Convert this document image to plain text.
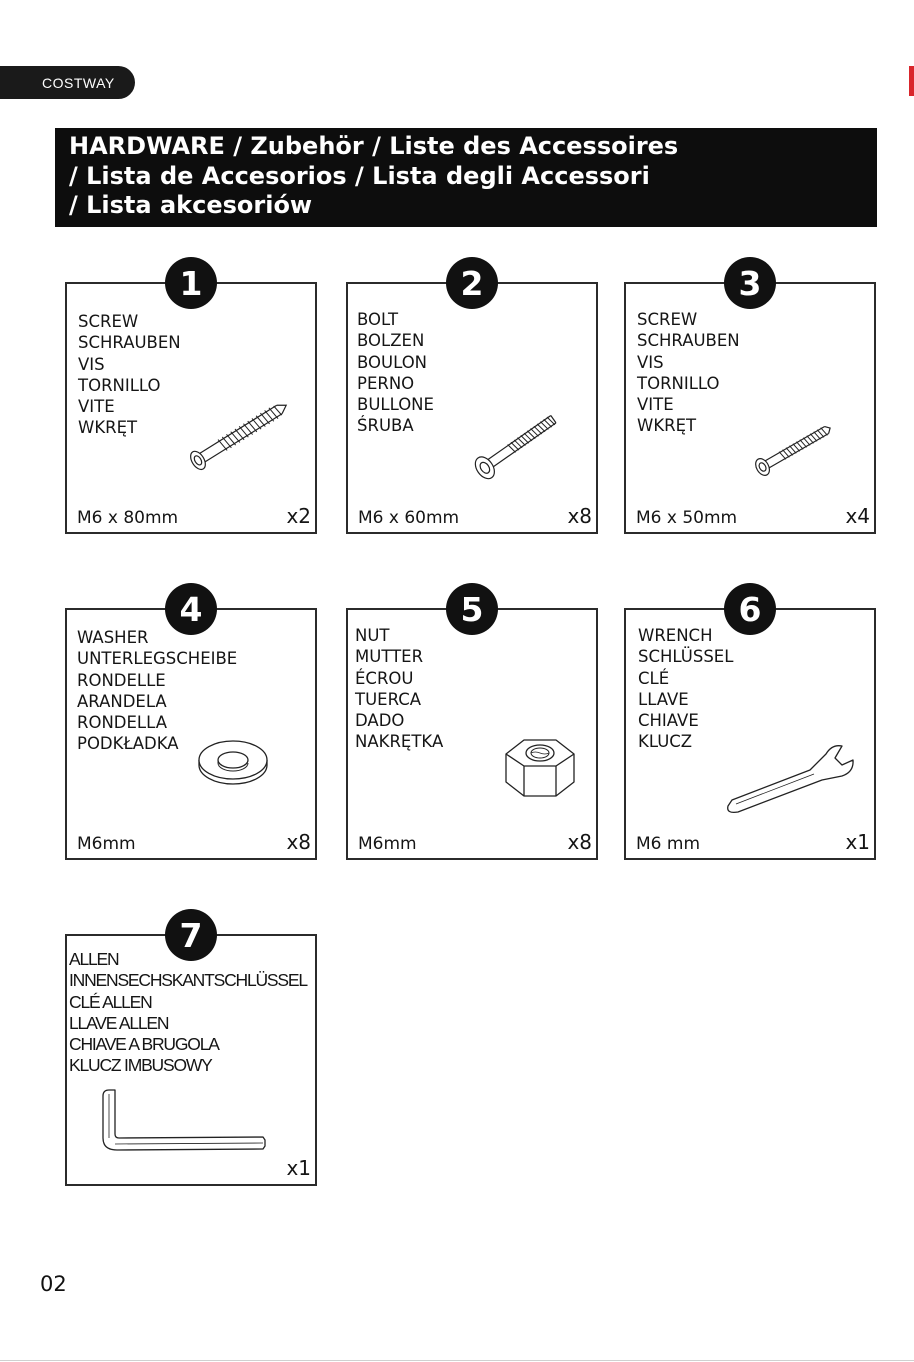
COSTWAY
HARDWARE / Zubehör / Liste des Accessoires
/ Lista de Accesorios / Lista degli Accessori
/ Lista akcesoriów
1
SCREW
SCHRAUBEN
VIS
TORNILLO
VITE
WKRĘT
M6 x 80mm	x2
2
BOLT
BOLZEN
BOULON
PERNO
BULLONE
ŚRUBA
M6 x 60mm	x8
3
SCREW
SCHRAUBEN
VIS
TORNILLO
VITE
WKRĘT
M6 x 50mm	x4
4
WASHER
UNTERLEGSCHEIBE
RONDELLE
ARANDELA
RONDELLA
PODKŁADKA
M6mm	x8
5
NUT
MUTTER
ÉCROU
TUERCA
DADO
NAKRĘTKA
M6mm	x8
6
WRENCH
SCHLÜSSEL
CLÉ
LLAVE
CHIAVE
KLUCZ
M6 mm	x1
7
ALLEN
INNENSECHSKANTSCHLÜSSEL
CLÉ ALLEN
LLAVE ALLEN
CHIAVE A BRUGOLA
KLUCZ IMBUSOWY
x1
02
